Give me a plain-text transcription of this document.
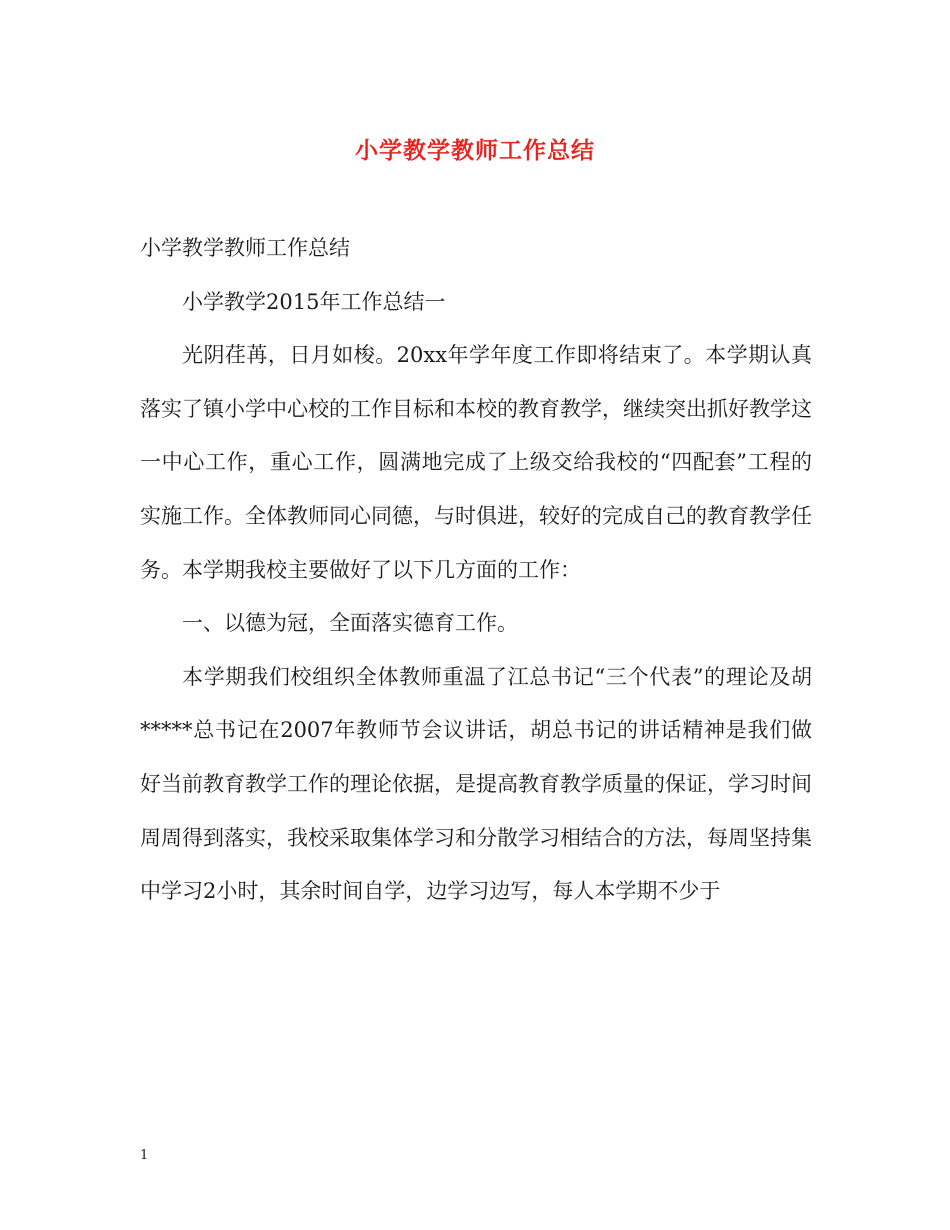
小学教学教师工作总结

小学教学教师工作总结

小学教学2015年工作总结一

光阴荏苒，日月如梭。20xx年学年度工作即将结束了。本学期认真落实了镇小学中心校的工作目标和本校的教育教学，继续突出抓好教学这一中心工作，重心工作，圆满地完成了上级交给我校的“四配套”工程的实施工作。全体教师同心同德，与时俱进，较好的完成自己的教育教学任务。本学期我校主要做好了以下几方面的工作：

一、以德为冠，全面落实德育工作。

本学期我们校组织全体教师重温了江总书记“三个代表”的理论及胡*****总书记在2007年教师节会议讲话，胡总书记的讲话精神是我们做好当前教育教学工作的理论依据，是提高教育教学质量的保证，学习时间周周得到落实，我校采取集体学习和分散学习相结合的方法，每周坚持集中学习2小时，其余时间自学，边学习边写，每人本学期不少于

1
